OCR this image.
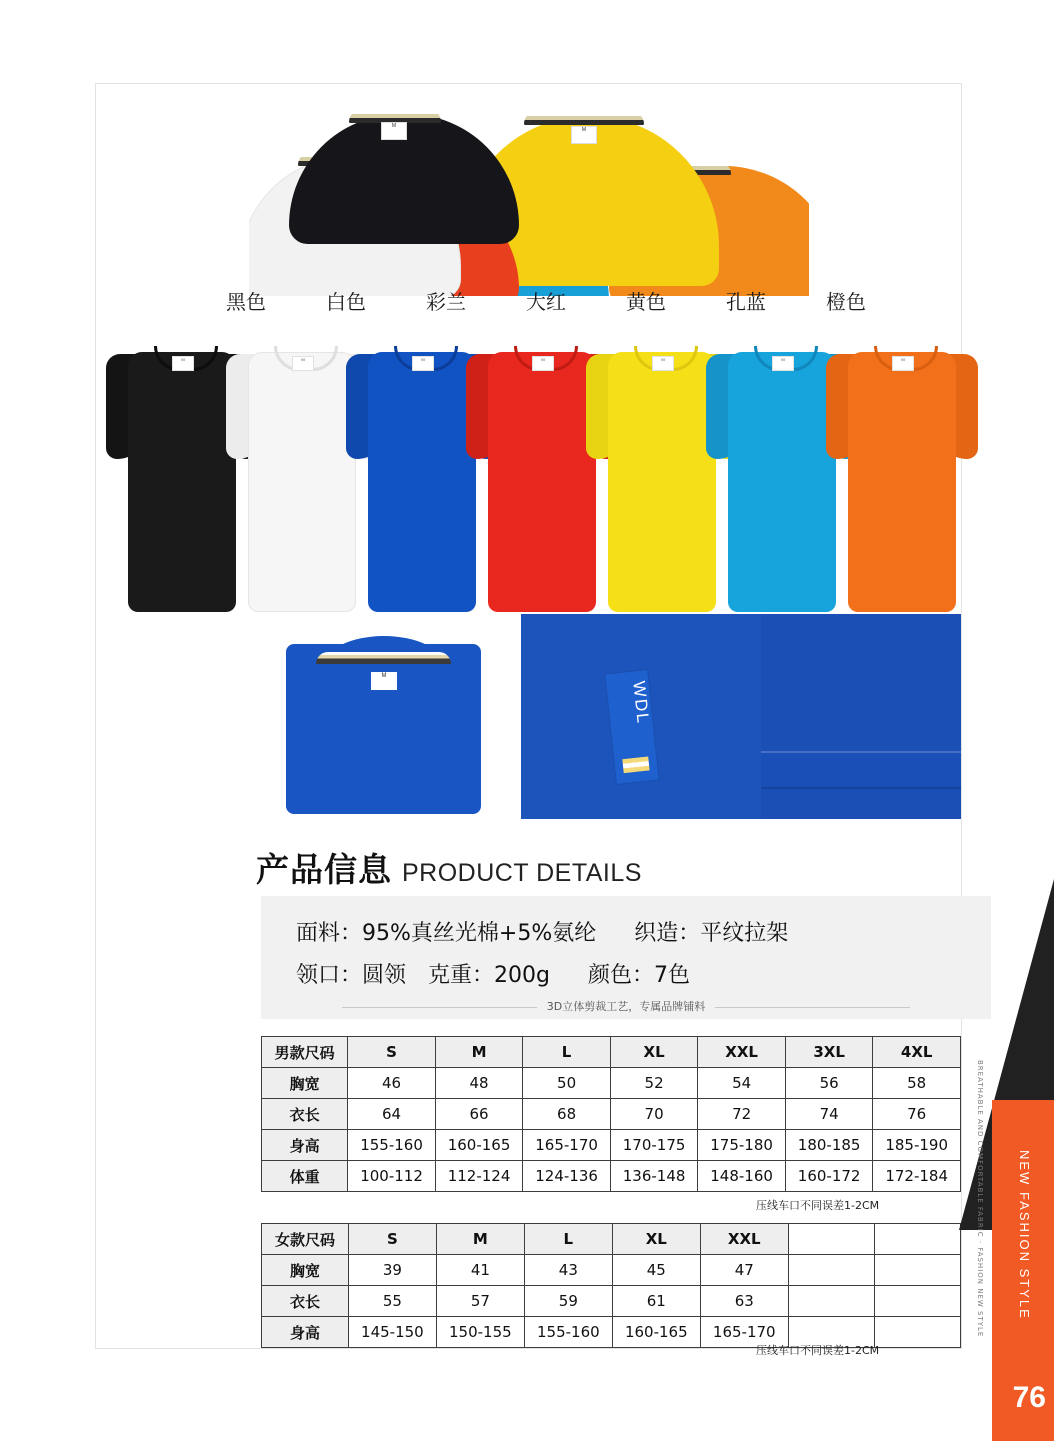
M
M
黑色	白色	彩兰	大红	黄色	孔蓝	橙色
M	M	M	M	M	M	M
M
WDL
产品信息 PRODUCT DETAILS
面料：95%真丝光棉+5%氨纶 织造：平纹拉架
领口：圆领 克重：200g 颜色：7色
3D立体剪裁工艺，专属品牌铺料
男款尺码	S	M	L	XL	XXL	3XL	4XL
胸宽	46	48	50	52	54	56	58
衣长	64	66	68	70	72	74	76
身高	155-160	160-165	165-170	170-175	175-180	180-185	185-190
体重	100-112	112-124	124-136	136-148	148-160	160-172	172-184
压线车口不同误差1-2CM
女款尺码	S	M	L	XL	XXL		
胸宽	39	41	43	45	47		
衣长	55	57	59	61	63		
身高	145-150	150-155	155-160	160-165	165-170		
压线车口不同误差1-2CM
BREATHABLE AND COMFORTABLE FABRIC · FASHION NEW STYLE	NEW FASHION STYLE
76
